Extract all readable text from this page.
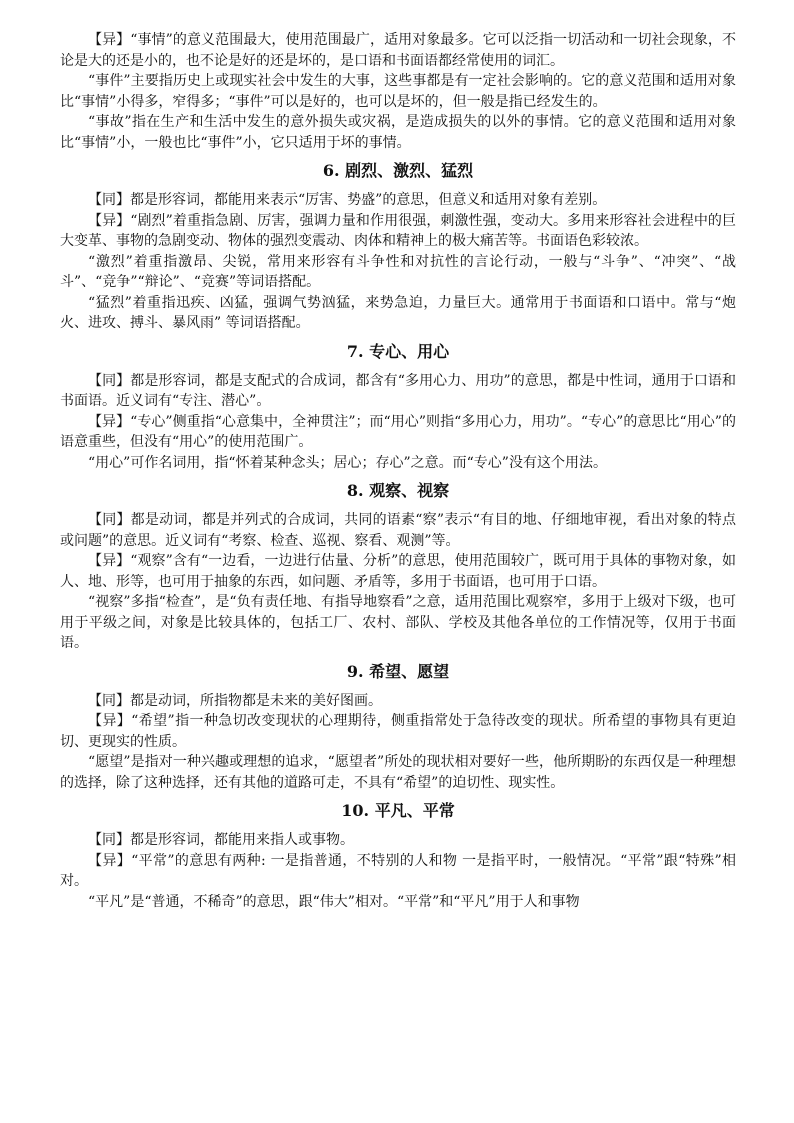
【异】“事情”的意义范围最大，使用范围最广，适用对象最多。它可以泛指一切活动和一切社会现象，不论是大的还是小的，也不论是好的还是坏的，是口语和书面语都经常使用的词汇。

“事件”主要指历史上或现实社会中发生的大事，这些事都是有一定社会影响的。它的意义范围和适用对象比“事情”小得多，窄得多；“事件”可以是好的，也可以是坏的，但一般是指已经发生的。

“事故”指在生产和生活中发生的意外损失或灾祸，是造成损失的以外的事情。它的意义范围和适用对象比“事情”小，一般也比“事件”小，它只适用于坏的事情。

6. 剧烈、激烈、猛烈

【同】都是形容词，都能用来表示“厉害、势盛”的意思，但意义和适用对象有差别。

【异】“剧烈”着重指急剧、厉害，强调力量和作用很强，刺激性强，变动大。多用来形容社会进程中的巨大变革、事物的急剧变动、物体的强烈变震动、肉体和精神上的极大痛苦等。书面语色彩较浓。

“激烈”着重指激昂、尖锐，常用来形容有斗争性和对抗性的言论行动，一般与“斗争”、“冲突”、“战斗”、“竞争”“辩论”、“竞赛”等词语搭配。

“猛烈”着重指迅疾、凶猛，强调气势汹猛，来势急迫，力量巨大。通常用于书面语和口语中。常与“炮火、进攻、搏斗、暴风雨” 等词语搭配。

7. 专心、用心

【同】都是形容词，都是支配式的合成词，都含有“多用心力、用功”的意思，都是中性词，通用于口语和书面语。近义词有“专注、潜心”。

【异】“专心”侧重指“心意集中，全神贯注”；而“用心”则指“多用心力，用功”。“专心”的意思比“用心”的语意重些，但没有“用心”的使用范围广。

“用心”可作名词用，指“怀着某种念头；居心；存心”之意。而“专心”没有这个用法。

8. 观察、视察

【同】都是动词，都是并列式的合成词，共同的语素“察”表示“有目的地、仔细地审视，看出对象的特点或问题”的意思。近义词有“考察、检查、巡视、察看、观测”等。

【异】“观察”含有“一边看，一边进行估量、分析”的意思，使用范围较广，既可用于具体的事物对象，如人、地、形等，也可用于抽象的东西，如问题、矛盾等，多用于书面语，也可用于口语。

“视察”多指“检查”，是“负有责任地、有指导地察看”之意，适用范围比观察窄，多用于上级对下级，也可用于平级之间，对象是比较具体的，包括工厂、农村、部队、学校及其他各单位的工作情况等，仅用于书面语。

9. 希望、愿望

【同】都是动词，所指物都是未来的美好图画。

【异】“希望”指一种急切改变现状的心理期待，侧重指常处于急待改变的现状。所希望的事物具有更迫切、更现实的性质。

“愿望”是指对一种兴趣或理想的追求，“愿望者”所处的现状相对要好一些，他所期盼的东西仅是一种理想的选择，除了这种选择，还有其他的道路可走，不具有“希望”的迫切性、现实性。

10. 平凡、平常

【同】都是形容词，都能用来指人或事物。

【异】“平常”的意思有两种: 一是指普通，不特别的人和物 一是指平时，一般情况。“平常”跟“特殊”相对。

“平凡”是“普通，不稀奇”的意思，跟“伟大”相对。“平常”和“平凡”用于人和事物
